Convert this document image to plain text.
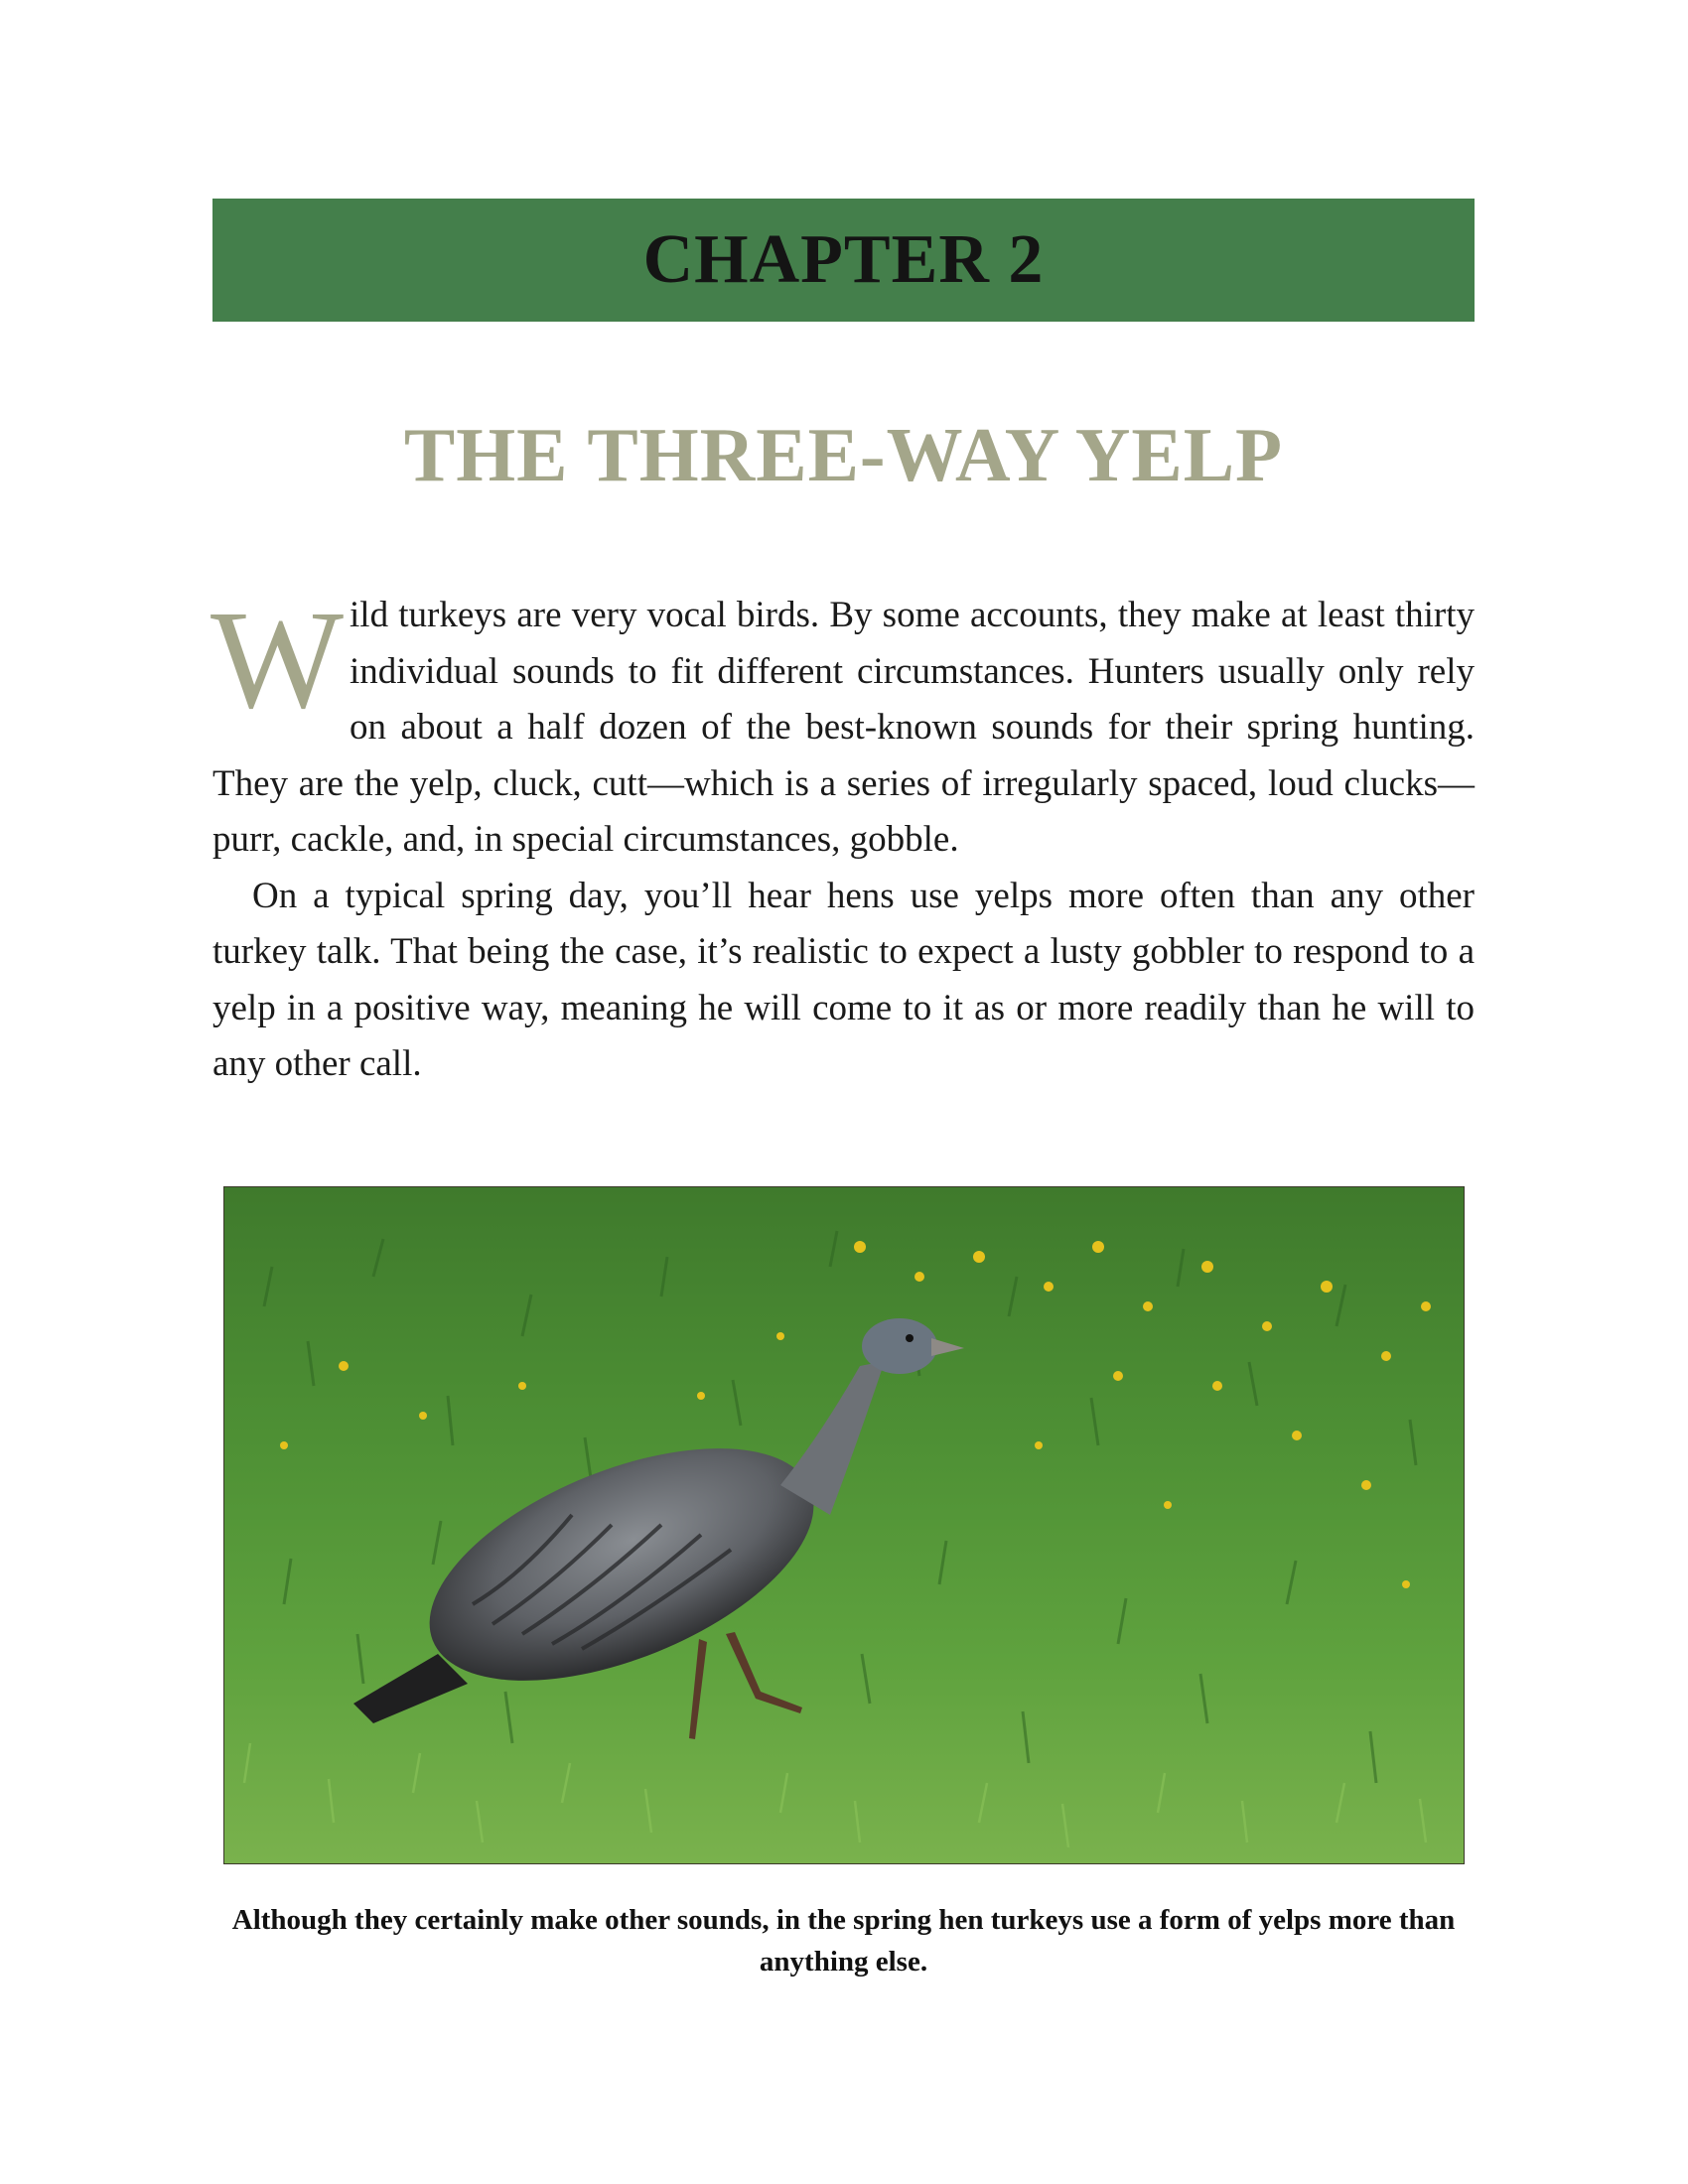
CHAPTER 2
THE THREE-WAY YELP

Wild turkeys are very vocal birds. By some accounts, they make at least thirty individual sounds to fit different circumstances. Hunters usually only rely on about a half dozen of the best-known sounds for their spring hunting. They are the yelp, cluck, cutt—which is a series of irregularly spaced, loud clucks—purr, cackle, and, in special circumstances, gobble.

On a typical spring day, you’ll hear hens use yelps more often than any other turkey talk. That being the case, it’s realistic to expect a lusty gobbler to respond to a yelp in a positive way, meaning he will come to it as or more readily than he will to any other call.

Although they certainly make other sounds, in the spring hen turkeys use a form of yelps more than anything else.
